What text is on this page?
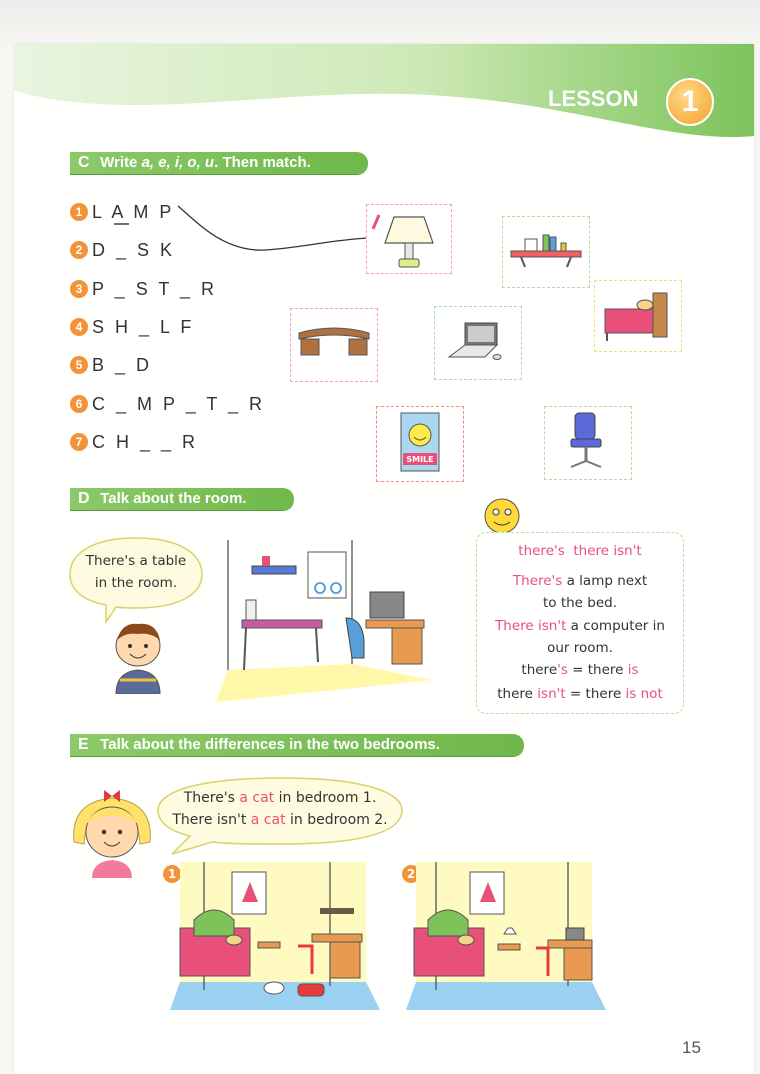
LESSON	1
C Write a, e, i, o, u. Then match.
1 L A M P
2 D _ S K
3 P _ S T _ R
4 S H _ L F
5 B _ D
6 C _ M P _ T _ R
7 C H _ _ R
SMILE
D Talk about the room.
There's a table
in the room.
there's there isn't
There's a lamp next
to the bed.
There isn't a computer in
our room.
there's = there is
there isn't = there is not
E Talk about the differences in the two bedrooms.
There's a cat in bedroom 1.
There isn't a cat in bedroom 2.
1	2
15
